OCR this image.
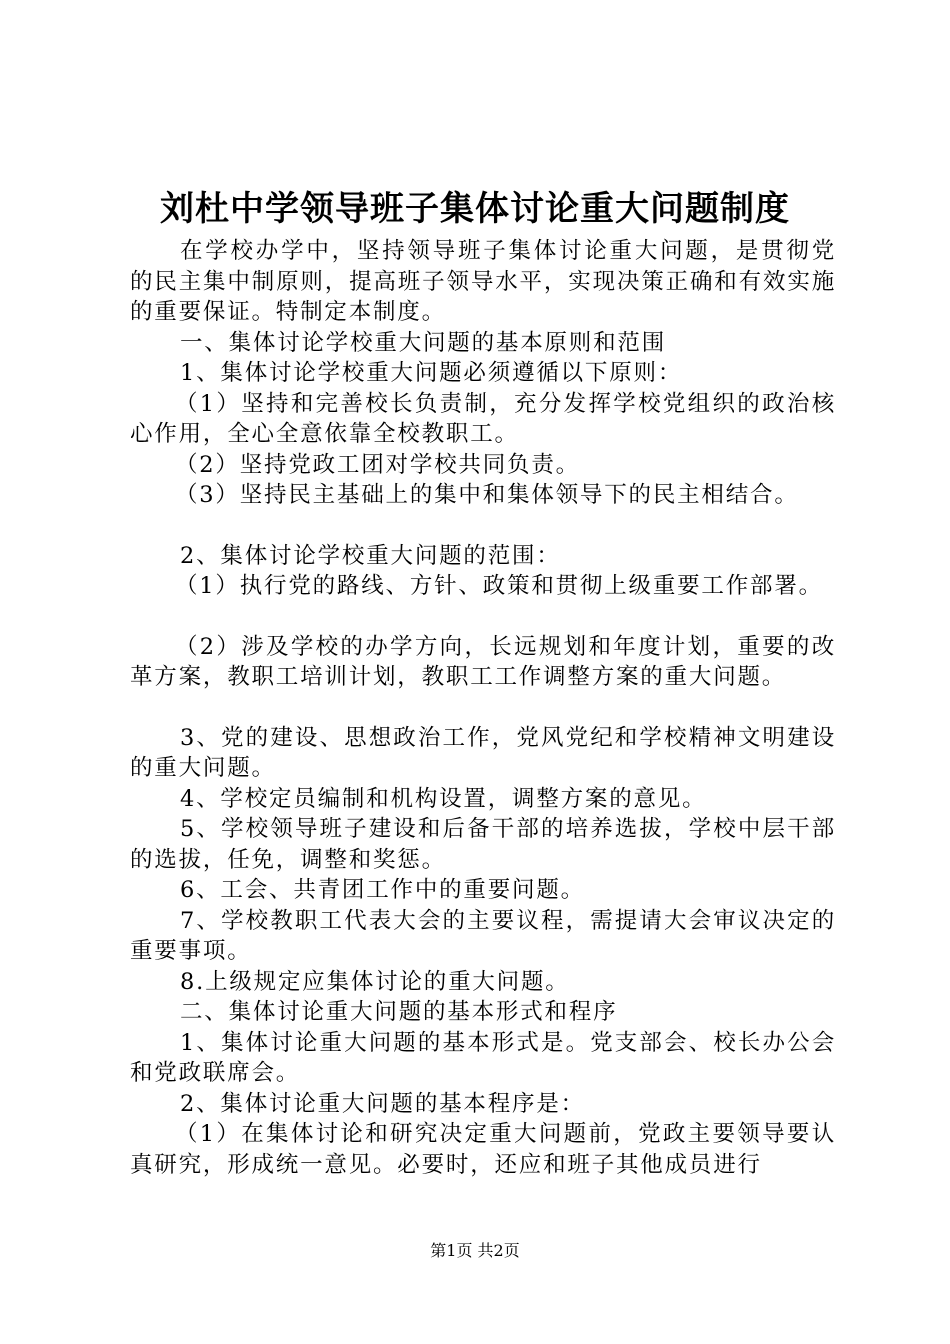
刘杜中学领导班子集体讨论重大问题制度

在学校办学中，坚持领导班子集体讨论重大问题，是贯彻党的民主集中制原则，提高班子领导水平，实现决策正确和有效实施的重要保证。特制定本制度。

一、集体讨论学校重大问题的基本原则和范围

1、集体讨论学校重大问题必须遵循以下原则：

（1）坚持和完善校长负责制，充分发挥学校党组织的政治核心作用，全心全意依靠全校教职工。

（2）坚持党政工团对学校共同负责。

（3）坚持民主基础上的集中和集体领导下的民主相结合。

2、集体讨论学校重大问题的范围：

（1）执行党的路线、方针、政策和贯彻上级重要工作部署。

（2）涉及学校的办学方向，长远规划和年度计划，重要的改革方案，教职工培训计划，教职工工作调整方案的重大问题。

3、党的建设、思想政治工作，党风党纪和学校精神文明建设的重大问题。

4、学校定员编制和机构设置，调整方案的意见。

5、学校领导班子建设和后备干部的培养选拔，学校中层干部的选拔，任免，调整和奖惩。

6、工会、共青团工作中的重要问题。

7、学校教职工代表大会的主要议程，需提请大会审议决定的重要事项。

8.上级规定应集体讨论的重大问题。

二、集体讨论重大问题的基本形式和程序

1、集体讨论重大问题的基本形式是。党支部会、校长办公会和党政联席会。

2、集体讨论重大问题的基本程序是：

（1）在集体讨论和研究决定重大问题前，党政主要领导要认真研究，形成统一意见。必要时，还应和班子其他成员进行

第1页 共2页
